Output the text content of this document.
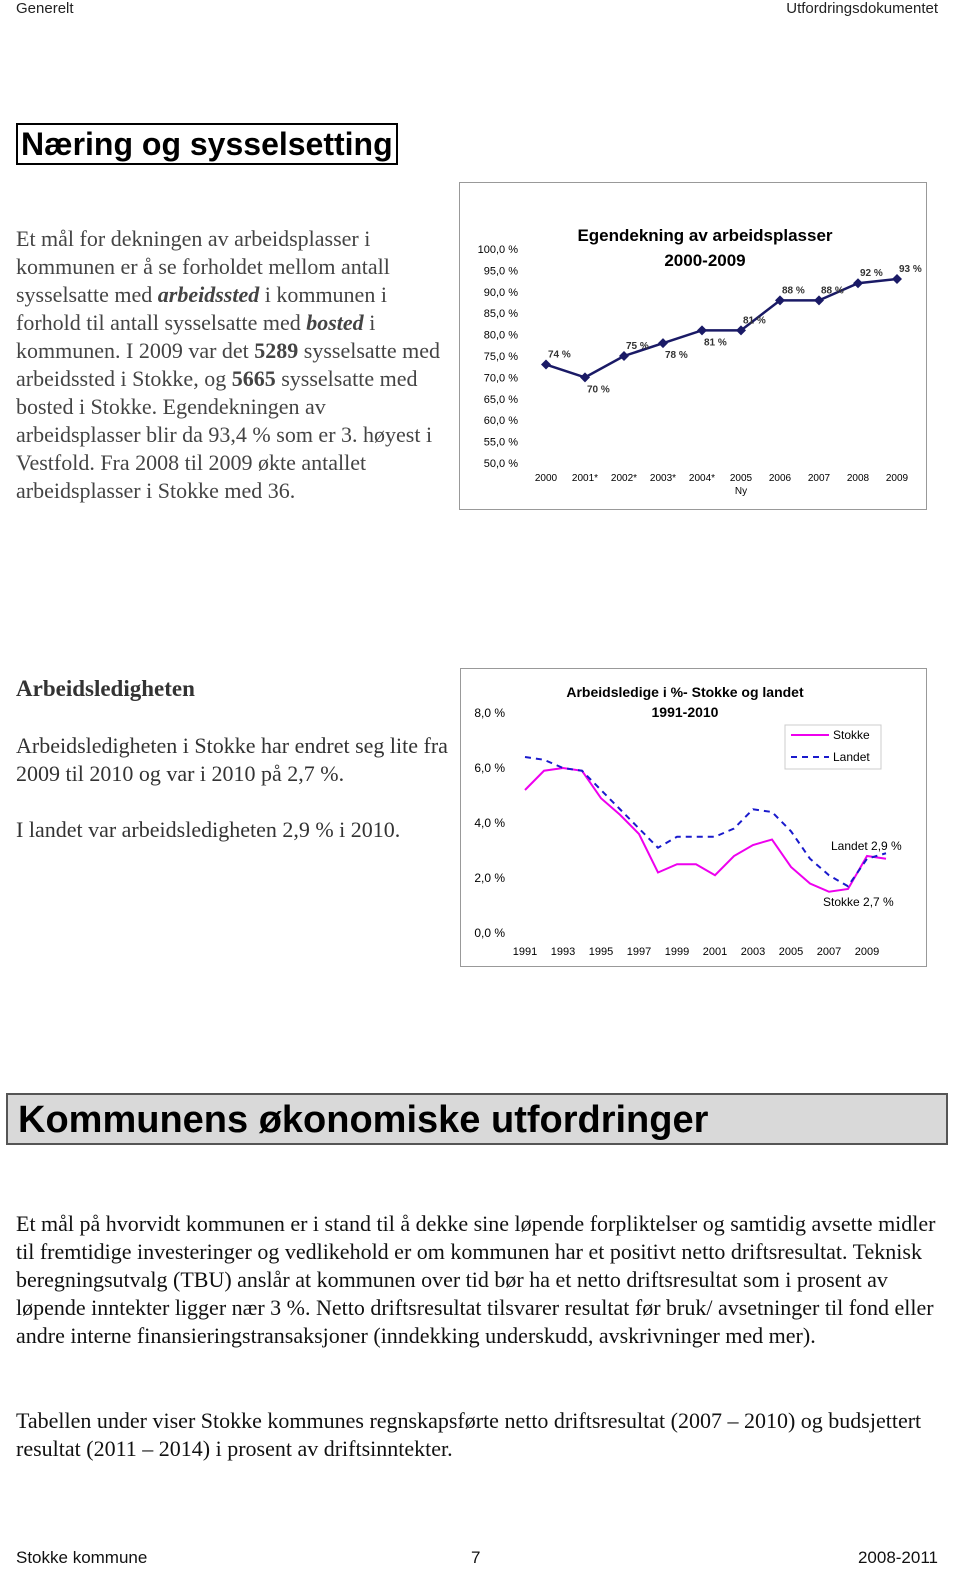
Generelt	Utfordringsdokumentet
Næring og sysselsetting

Et mål for dekningen av arbeidsplasser i kommunen er å se forholdet mellom antall sysselsatte med arbeidssted i kommunen i forhold til antall sysselsatte med bosted i kommunen. I 2009 var det 5289 sysselsatte med arbeidssted i Stokke, og 5665 sysselsatte med bosted i Stokke. Egendekningen av arbeidsplasser blir da 93,4 % som er 3. høyest i Vestfold. Fra 2008 til 2009 økte antallet arbeidsplasser i Stokke med 36.

Egendekning av arbeidsplasser
2000-2009
100,0 %
95,0 %
90,0 %
85,0 %
80,0 %
75,0 %
70,0 %
65,0 %
60,0 %
55,0 %
50,0 %
2000 2001* 2002* 2003* 2004* 2005
Ny
2006 2007 2008 2009
74 %
70 %
75 %
78 %
81 %
81 %
88 % 88 %
92 % 93 %
Arbeidsledigheten

Arbeidsledigheten i Stokke har endret seg lite fra 2009 til 2010 og var i 2010 på 2,7 %.

I landet var arbeidsledigheten 2,9 % i 2010.

Arbeidsledige i %- Stokke og landet
1991-2010
8,0 %
6,0 %
4,0 %
2,0 %
0,0 %
1991 1993 1995 1997 1999 2001 2003 2005 2007 2009
Stokke
Landet
Landet 2,9 %
Stokke 2,7 %
Kommunens økonomiske utfordringer

Et mål på hvorvidt kommunen er i stand til å dekke sine løpende forpliktelser og samtidig avsette midler til fremtidige investeringer og vedlikehold er om kommunen har et positivt netto driftsresultat. Teknisk beregningsutvalg (TBU) anslår at kommunen over tid bør ha et netto driftsresultat som i prosent av løpende inntekter ligger nær 3 %. Netto driftsresultat tilsvarer resultat før bruk/ avsetninger til fond eller andre interne finansieringstransaksjoner (inndekking underskudd, avskrivninger med mer).

Tabellen under viser Stokke kommunes regnskapsførte netto driftsresultat (2007 – 2010) og budsjettert resultat (2011 – 2014) i prosent av driftsinntekter.

Stokke kommune	7	2008-2011
